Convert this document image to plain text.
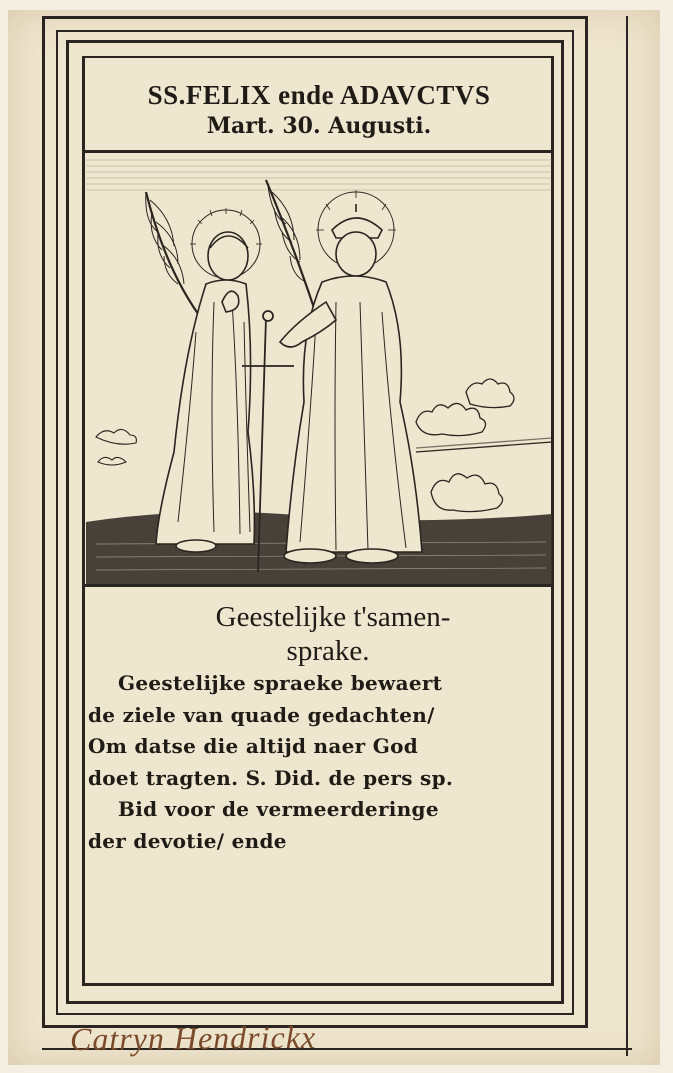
SS.FELIX ende ADAVCTVS
Mart. 30. Augusti.
Geestelijke t'samen-
sprake.
Geestelijke spraeke bewaert
de ziele van quade gedachten/
Om datse die altijd naer God
doet tragten. S. Did. de pers sp.
Bid voor de vermeerderinge
der devotie/ ende
Catryn Hendrickx
